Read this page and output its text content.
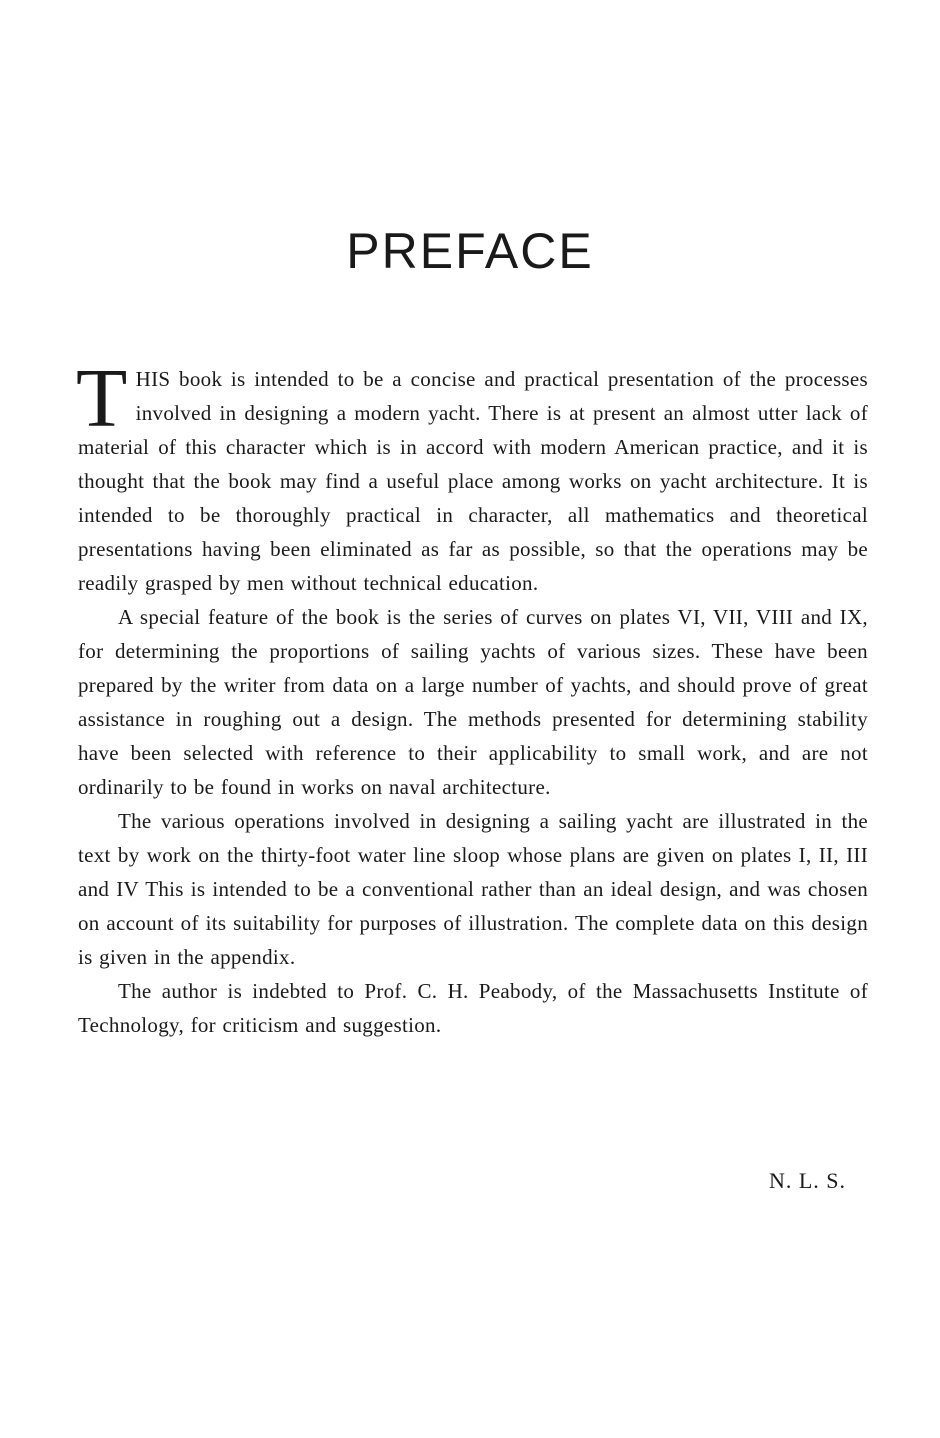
PREFACE

THIS book is intended to be a concise and practical presentation of the processes involved in designing a modern yacht. There is at present an almost utter lack of material of this character which is in accord with modern American practice, and it is thought that the book may find a useful place among works on yacht architecture. It is intended to be thoroughly practical in character, all mathematics and theoretical presentations having been eliminated as far as possible, so that the operations may be readily grasped by men without technical education.

A special feature of the book is the series of curves on plates VI, VII, VIII and IX, for determining the proportions of sailing yachts of various sizes. These have been prepared by the writer from data on a large number of yachts, and should prove of great assistance in roughing out a design. The methods presented for determining stability have been selected with reference to their applicability to small work, and are not ordinarily to be found in works on naval architecture.

The various operations involved in designing a sailing yacht are illustrated in the text by work on the thirty-foot water line sloop whose plans are given on plates I, II, III and IV This is intended to be a conventional rather than an ideal design, and was chosen on account of its suitability for purposes of illustration. The complete data on this design is given in the appendix.

The author is indebted to Prof. C. H. Peabody, of the Massachusetts Institute of Technology, for criticism and suggestion.

N. L. S.
